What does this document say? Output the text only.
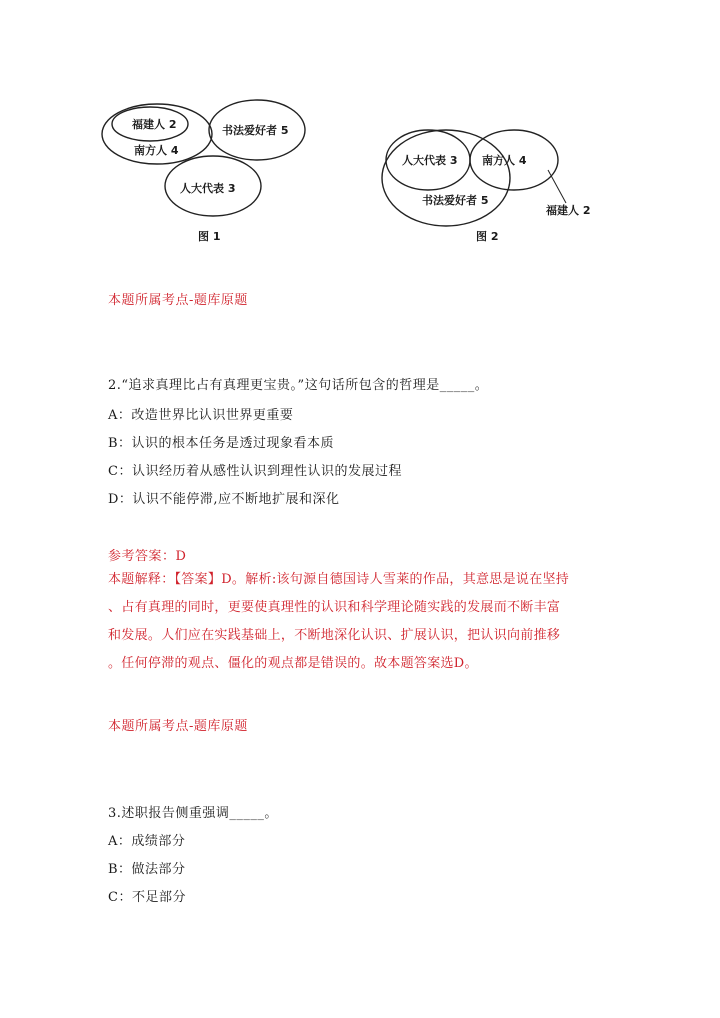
福建人 2
南方人 4
书法爱好者 5
人大代表 3
图 1
人大代表 3 南方人 4
书法爱好者 5
福建人 2
图 2
本题所属考点-题库原题
2.“追求真理比占有真理更宝贵。”这句话所包含的哲理是_____。
A：改造世界比认识世界更重要
B：认识的根本任务是透过现象看本质
C：认识经历着从感性认识到理性认识的发展过程
D：认识不能停滞,应不断地扩展和深化
参考答案：D
本题解释：【答案】D。解析:该句源自德国诗人雪莱的作品，其意思是说在坚持
、占有真理的同时，更要使真理性的认识和科学理论随实践的发展而不断丰富
和发展。人们应在实践基础上，不断地深化认识、扩展认识，把认识向前推移
。任何停滞的观点、僵化的观点都是错误的。故本题答案选D。
本题所属考点-题库原题
3.述职报告侧重强调_____。
A：成绩部分
B：做法部分
C：不足部分
